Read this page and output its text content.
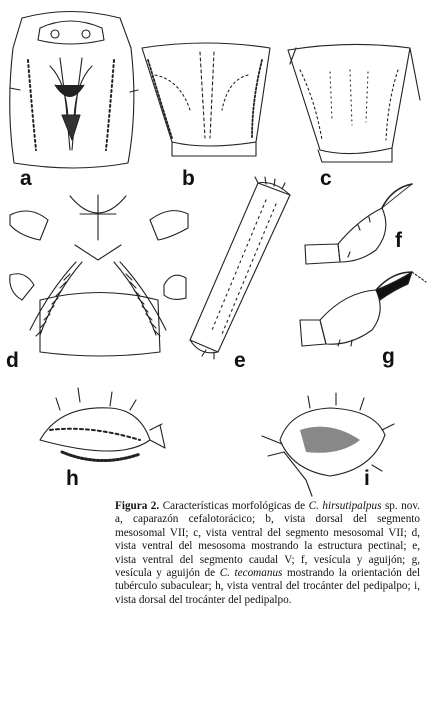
a	b	c
d	e
f
g
h	i
Figura 2. Características morfológicas de C. hirsutipalpus sp. nov. a, caparazón cefalotorácico; b, vista dorsal del segmento mesosomal VII; c, vista ventral del segmento mesosomal VII; d, vista ventral del mesosoma mostrando la estructura pectinal; e, vista ventral del segmento caudal V; f, vesícula y aguijón; g, vesícula y aguijón de C. tecomanus mostrando la orientación del tubérculo subaculear; h, vista ventral del trocánter del pedipalpo; i, vista dorsal del trocánter del pedipalpo.
